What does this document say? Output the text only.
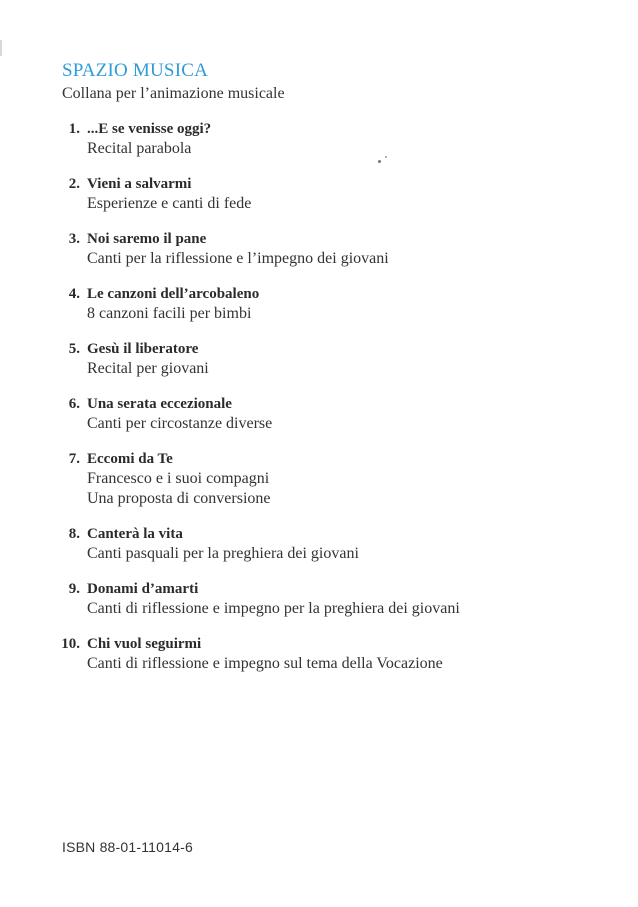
SPAZIO MUSICA
Collana per l’animazione musicale
1. ...E se venisse oggi?
Recital parabola
2. Vieni a salvarmi
Esperienze e canti di fede
3. Noi saremo il pane
Canti per la riflessione e l’impegno dei giovani
4. Le canzoni dell’arcobaleno
8 canzoni facili per bimbi
5. Gesù il liberatore
Recital per giovani
6. Una serata eccezionale
Canti per circostanze diverse
7. Eccomi da Te
Francesco e i suoi compagni
Una proposta di conversione
8. Canterà la vita
Canti pasquali per la preghiera dei giovani
9. Donami d’amarti
Canti di riflessione e impegno per la preghiera dei giovani
10. Chi vuol seguirmi
Canti di riflessione e impegno sul tema della Vocazione
ISBN 88-01-11014-6
